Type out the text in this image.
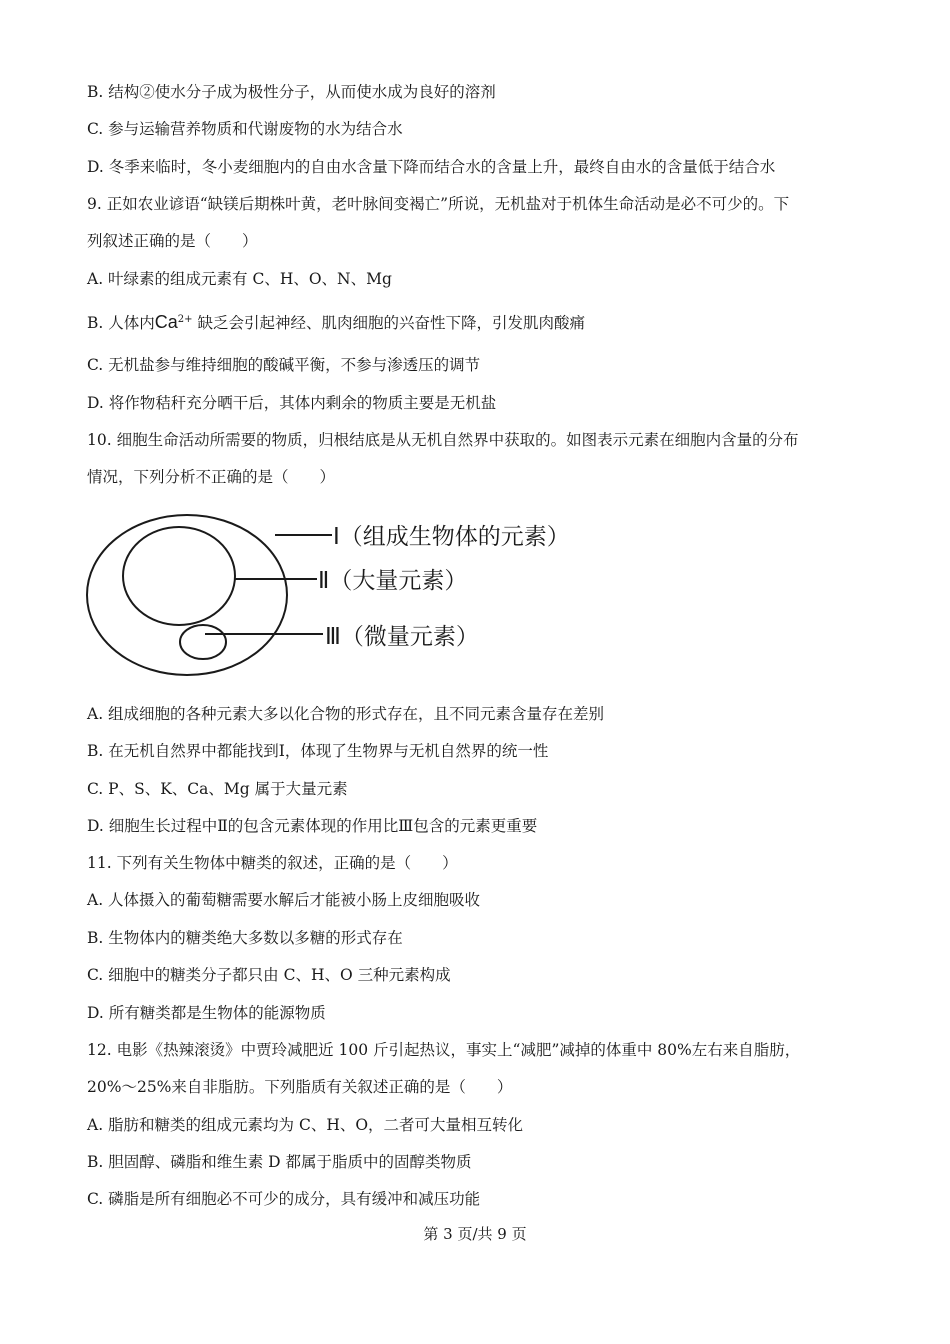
B. 结构②使水分子成为极性分子，从而使水成为良好的溶剂
C. 参与运输营养物质和代谢废物的水为结合水
D. 冬季来临时，冬小麦细胞内的自由水含量下降而结合水的含量上升，最终自由水的含量低于结合水
9. 正如农业谚语“缺镁后期株叶黄，老叶脉间变褐亡”所说，无机盐对于机体生命活动是必不可少的。下
列叙述正确的是（　　）
A. 叶绿素的组成元素有 C、H、O、N、Mg
B. 人体内$Ca^{2+}$ 缺乏会引起神经、肌肉细胞的兴奋性下降，引发肌肉酸痛
C. 无机盐参与维持细胞的酸碱平衡，不参与渗透压的调节
D. 将作物秸秆充分晒干后，其体内剩余的物质主要是无机盐
10. 细胞生命活动所需要的物质，归根结底是从无机自然界中获取的。如图表示元素在细胞内含量的分布
情况，下列分析不正确的是（　　）
Ⅰ（组成生物体的元素）
Ⅱ（大量元素）
Ⅲ（微量元素）
A. 组成细胞的各种元素大多以化合物的形式存在，且不同元素含量存在差别
B. 在无机自然界中都能找到Ⅰ，体现了生物界与无机自然界的统一性
C. P、S、K、Ca、Mg 属于大量元素
D. 细胞生长过程中Ⅱ的包含元素体现的作用比Ⅲ包含的元素更重要
11. 下列有关生物体中糖类的叙述，正确的是（　　）
A. 人体摄入的葡萄糖需要水解后才能被小肠上皮细胞吸收
B. 生物体内的糖类绝大多数以多糖的形式存在
C. 细胞中的糖类分子都只由 C、H、O 三种元素构成
D. 所有糖类都是生物体的能源物质
12. 电影《热辣滚烫》中贾玲减肥近 100 斤引起热议，事实上“减肥”减掉的体重中 80%左右来自脂肪，
20%～25%来自非脂肪。下列脂质有关叙述正确的是（　　）
A. 脂肪和糖类的组成元素均为 C、H、O，二者可大量相互转化
B. 胆固醇、磷脂和维生素 D 都属于脂质中的固醇类物质
C. 磷脂是所有细胞必不可少的成分，具有缓冲和减压功能
第 3 页/共 9 页
